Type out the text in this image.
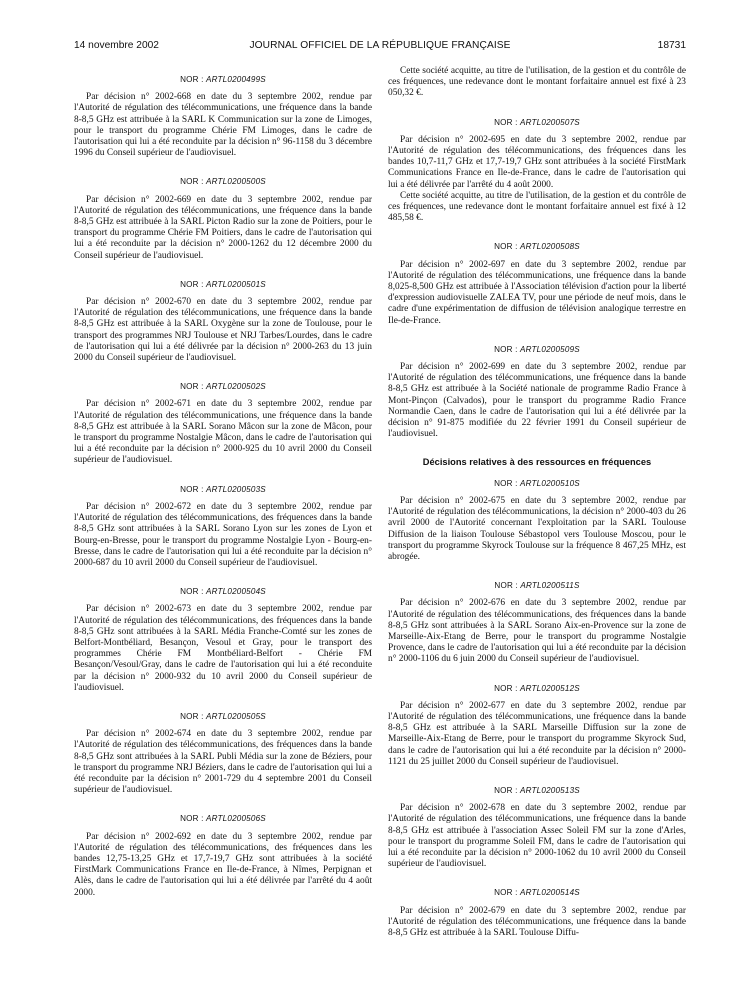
14 novembre 2002	JOURNAL OFFICIEL DE LA RÉPUBLIQUE FRANÇAISE	18731
NOR : ARTL0200499S

Par décision n° 2002-668 en date du 3 septembre 2002, rendue par l'Autorité de régulation des télécommunications, une fréquence dans la bande 8-8,5 GHz est attribuée à la SARL K Communication sur la zone de Limoges, pour le transport du programme Chérie FM Limoges, dans le cadre de l'autorisation qui lui a été reconduite par la décision n° 96-1158 du 3 décembre 1996 du Conseil supérieur de l'audiovisuel.

NOR : ARTL0200500S

Par décision n° 2002-669 en date du 3 septembre 2002, rendue par l'Autorité de régulation des télécommunications, une fréquence dans la bande 8-8,5 GHz est attribuée à la SARL Picton Radio sur la zone de Poitiers, pour le transport du programme Chérie FM Poitiers, dans le cadre de l'autorisation qui lui a été reconduite par la décision n° 2000-1262 du 12 décembre 2000 du Conseil supérieur de l'audiovisuel.

NOR : ARTL0200501S

Par décision n° 2002-670 en date du 3 septembre 2002, rendue par l'Autorité de régulation des télécommunications, une fréquence dans la bande 8-8,5 GHz est attribuée à la SARL Oxygène sur la zone de Toulouse, pour le transport des programmes NRJ Toulouse et NRJ Tarbes/Lourdes, dans le cadre de l'autorisation qui lui a été délivrée par la décision n° 2000-263 du 13 juin 2000 du Conseil supérieur de l'audiovisuel.

NOR : ARTL0200502S

Par décision n° 2002-671 en date du 3 septembre 2002, rendue par l'Autorité de régulation des télécommunications, une fréquence dans la bande 8-8,5 GHz est attribuée à la SARL Sorano Mâcon sur la zone de Mâcon, pour le transport du programme Nostalgie Mâcon, dans le cadre de l'autorisation qui lui a été reconduite par la décision n° 2000-925 du 10 avril 2000 du Conseil supérieur de l'audiovisuel.

NOR : ARTL0200503S

Par décision n° 2002-672 en date du 3 septembre 2002, rendue par l'Autorité de régulation des télécommunications, des fréquences dans la bande 8-8,5 GHz sont attribuées à la SARL Sorano Lyon sur les zones de Lyon et Bourg-en-Bresse, pour le transport du programme Nostalgie Lyon - Bourg-en-Bresse, dans le cadre de l'autorisation qui lui a été reconduite par la décision n° 2000-687 du 10 avril 2000 du Conseil supérieur de l'audiovisuel.

NOR : ARTL0200504S

Par décision n° 2002-673 en date du 3 septembre 2002, rendue par l'Autorité de régulation des télécommunications, des fréquences dans la bande 8-8,5 GHz sont attribuées à la SARL Média Franche-Comté sur les zones de Belfort-Montbéliard, Besançon, Vesoul et Gray, pour le transport des programmes Chérie FM Montbéliard-Belfort - Chérie FM Besançon/Vesoul/Gray, dans le cadre de l'autorisation qui lui a été reconduite par la décision n° 2000-932 du 10 avril 2000 du Conseil supérieur de l'audiovisuel.

NOR : ARTL0200505S

Par décision n° 2002-674 en date du 3 septembre 2002, rendue par l'Autorité de régulation des télécommunications, des fréquences dans la bande 8-8,5 GHz sont attribuées à la SARL Publi Média sur la zone de Béziers, pour le transport du programme NRJ Béziers, dans le cadre de l'autorisation qui lui a été reconduite par la décision n° 2001-729 du 4 septembre 2001 du Conseil supérieur de l'audiovisuel.

NOR : ARTL0200506S

Par décision n° 2002-692 en date du 3 septembre 2002, rendue par l'Autorité de régulation des télécommunications, des fréquences dans les bandes 12,75-13,25 GHz et 17,7-19,7 GHz sont attribuées à la société FirstMark Communications France en Ile-de-France, à Nîmes, Perpignan et Alès, dans le cadre de l'autorisation qui lui a été délivrée par l'arrêté du 4 août 2000.

Cette société acquitte, au titre de l'utilisation, de la gestion et du contrôle de ces fréquences, une redevance dont le montant forfaitaire annuel est fixé à 23 050,32 €.

NOR : ARTL0200507S

Par décision n° 2002-695 en date du 3 septembre 2002, rendue par l'Autorité de régulation des télécommunications, des fréquences dans les bandes 10,7-11,7 GHz et 17,7-19,7 GHz sont attribuées à la société FirstMark Communications France en Ile-de-France, dans le cadre de l'autorisation qui lui a été délivrée par l'arrêté du 4 août 2000.

Cette société acquitte, au titre de l'utilisation, de la gestion et du contrôle de ces fréquences, une redevance dont le montant forfaitaire annuel est fixé à 12 485,58 €.

NOR : ARTL0200508S

Par décision n° 2002-697 en date du 3 septembre 2002, rendue par l'Autorité de régulation des télécommunications, une fréquence dans la bande 8,025-8,500 GHz est attribuée à l'Association télévision d'action pour la liberté d'expression audiovisuelle ZALEA TV, pour une période de neuf mois, dans le cadre d'une expérimentation de diffusion de télévision analogique terrestre en Ile-de-France.

NOR : ARTL0200509S

Par décision n° 2002-699 en date du 3 septembre 2002, rendue par l'Autorité de régulation des télécommunications, une fréquence dans la bande 8-8,5 GHz est attribuée à la Société nationale de programme Radio France à Mont-Pinçon (Calvados), pour le transport du programme Radio France Normandie Caen, dans le cadre de l'autorisation qui lui a été délivrée par la décision n° 91-875 modifiée du 22 février 1991 du Conseil supérieur de l'audiovisuel.

Décisions relatives à des ressources en fréquences
NOR : ARTL0200510S

Par décision n° 2002-675 en date du 3 septembre 2002, rendue par l'Autorité de régulation des télécommunications, la décision n° 2000-403 du 26 avril 2000 de l'Autorité concernant l'exploitation par la SARL Toulouse Diffusion de la liaison Toulouse Sébastopol vers Toulouse Moscou, pour le transport du programme Skyrock Toulouse sur la fréquence 8 467,25 MHz, est abrogée.

NOR : ARTL0200511S

Par décision n° 2002-676 en date du 3 septembre 2002, rendue par l'Autorité de régulation des télécommunications, des fréquences dans la bande 8-8,5 GHz sont attribuées à la SARL Sorano Aix-en-Provence sur la zone de Marseille-Aix-Etang de Berre, pour le transport du programme Nostalgie Provence, dans le cadre de l'autorisation qui lui a été reconduite par la décision n° 2000-1106 du 6 juin 2000 du Conseil supérieur de l'audiovisuel.

NOR : ARTL0200512S

Par décision n° 2002-677 en date du 3 septembre 2002, rendue par l'Autorité de régulation des télécommunications, une fréquence dans la bande 8-8,5 GHz est attribuée à la SARL Marseille Diffusion sur la zone de Marseille-Aix-Etang de Berre, pour le transport du programme Skyrock Sud, dans le cadre de l'autorisation qui lui a été reconduite par la décision n° 2000-1121 du 25 juillet 2000 du Conseil supérieur de l'audiovisuel.

NOR : ARTL0200513S

Par décision n° 2002-678 en date du 3 septembre 2002, rendue par l'Autorité de régulation des télécommunications, une fréquence dans la bande 8-8,5 GHz est attribuée à l'association Assec Soleil FM sur la zone d'Arles, pour le transport du programme Soleil FM, dans le cadre de l'autorisation qui lui a été reconduite par la décision n° 2000-1062 du 10 avril 2000 du Conseil supérieur de l'audiovisuel.

NOR : ARTL0200514S

Par décision n° 2002-679 en date du 3 septembre 2002, rendue par l'Autorité de régulation des télécommunications, une fréquence dans la bande 8-8,5 GHz est attribuée à la SARL Toulouse Diffu-
